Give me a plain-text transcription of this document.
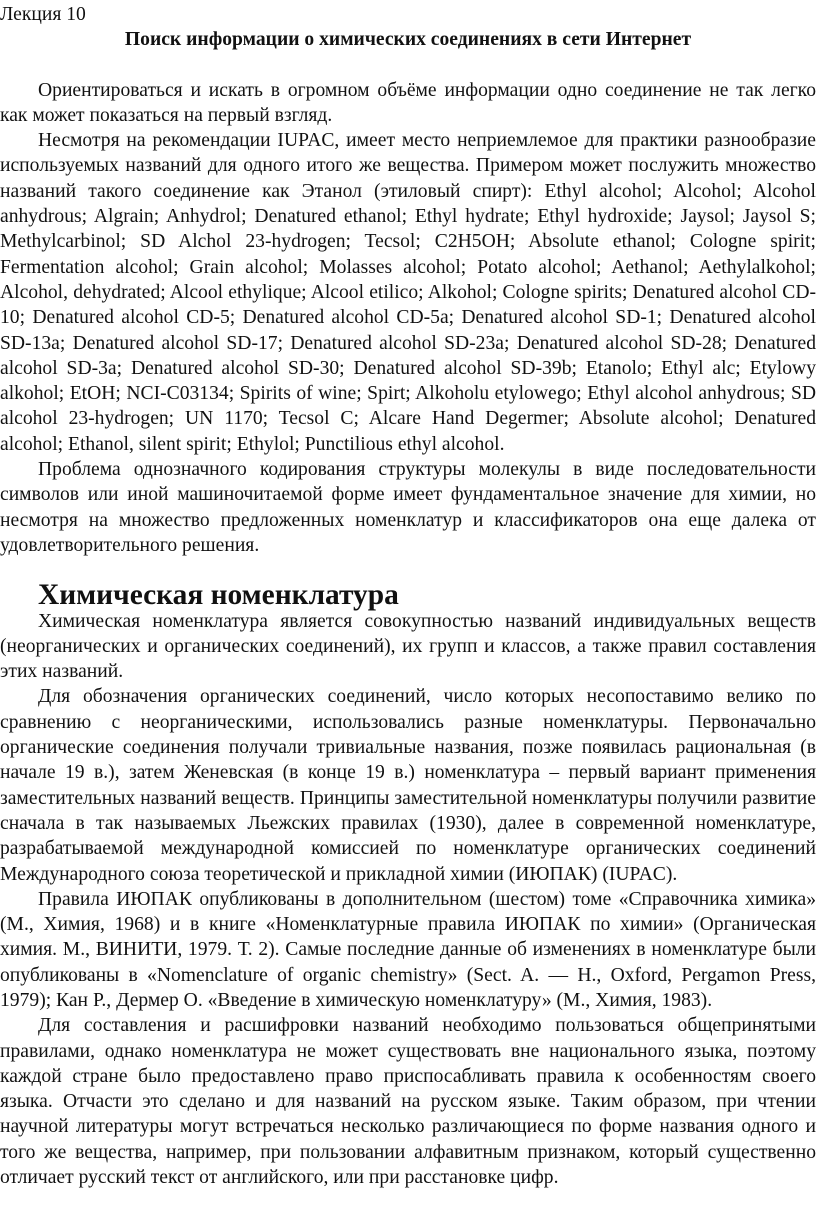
Лекция 10

Поиск информации о химических соединениях в сети Интернет

Ориентироваться и искать в огромном объёме информации одно соединение не так легко как может показаться на первый взгляд.

Несмотря на рекомендации IUPAC, имеет место неприемлемое для практики разнообразие используемых названий для одного итого же вещества. Примером может послужить множество названий такого соединение как Этанол (этиловый спирт): Ethyl alcohol; Alcohol; Alcohol anhydrous; Algrain; Anhydrol; Denatured ethanol; Ethyl hydrate; Ethyl hydroxide; Jaysol; Jaysol S; Methylcarbinol; SD Alchol 23-hydrogen; Tecsol; C2H5OH; Absolute ethanol; Cologne spirit; Fermentation alcohol; Grain alcohol; Molasses alcohol; Potato alcohol; Aethanol; Aethylalkohol; Alcohol, dehydrated; Alcool ethylique; Alcool etilico; Alkohol; Cologne spirits; Denatured alcohol CD-10; Denatured alcohol CD-5; Denatured alcohol CD-5a; Denatured alcohol SD-1; Denatured alcohol SD-13a; Denatured alcohol SD-17; Denatured alcohol SD-23a; Denatured alcohol SD-28; Denatured alcohol SD-3a; Denatured alcohol SD-30; Denatured alcohol SD-39b; Etanolo; Ethyl alc; Etylowy alkohol; EtOH; NCI-C03134; Spirits of wine; Spirt; Alkoholu etylowego; Ethyl alcohol anhydrous; SD alcohol 23-hydrogen; UN 1170; Tecsol C; Alcare Hand Degermer; Absolute alcohol; Denatured alcohol; Ethanol, silent spirit; Ethylol; Punctilious ethyl alcohol.

Проблема однозначного кодирования структуры молекулы в виде последовательности символов или иной машиночитаемой форме имеет фундаментальное значение для химии, но несмотря на множество предложенных номенклатур и классификаторов она еще далека от удовлетворительного решения.

Химическая номенклатура

Химическая номенклатура является совокупностью названий индивидуальных веществ (неорганических и органических соединений), их групп и классов, а также правил составления этих названий.

Для обозначения органических соединений, число которых несопоставимо велико по сравнению с неорганическими, использовались разные номенклатуры. Первоначально органические соединения получали тривиальные названия, позже появилась рациональная (в начале 19 в.), затем Женевская (в конце 19 в.) номенклатура – первый вариант применения заместительных названий веществ. Принципы заместительной номенклатуры получили развитие сначала в так называемых Льежских правилах (1930), далее в современной номенклатуре, разрабатываемой международной комиссией по номенклатуре органических соединений Международного союза теоретической и прикладной химии (ИЮПАК) (IUPAC).

Правила ИЮПАК опубликованы в дополнительном (шестом) томе «Справочника химика» (М., Химия, 1968) и в книге «Номенклатурные правила ИЮПАК по химии» (Органическая химия. М., ВИНИТИ, 1979. Т. 2). Самые последние данные об изменениях в номенклатуре были опубликованы в «Nomenclature of organic chemistry» (Sect. A. — H., Oxford, Pergamon Press, 1979); Кан Р., Дермер О. «Введение в химическую номенклатуру» (М., Химия, 1983).

Для составления и расшифровки названий необходимо пользоваться общепринятыми правилами, однако номенклатура не может существовать вне национального языка, поэтому каждой стране было предоставлено право приспосабливать правила к особенностям своего языка. Отчасти это сделано и для названий на русском языке. Таким образом, при чтении научной литературы могут встречаться несколько различающиеся по форме названия одного и того же вещества, например, при пользовании алфавитным признаком, который существенно отличает русский текст от английского, или при расстановке цифр.
